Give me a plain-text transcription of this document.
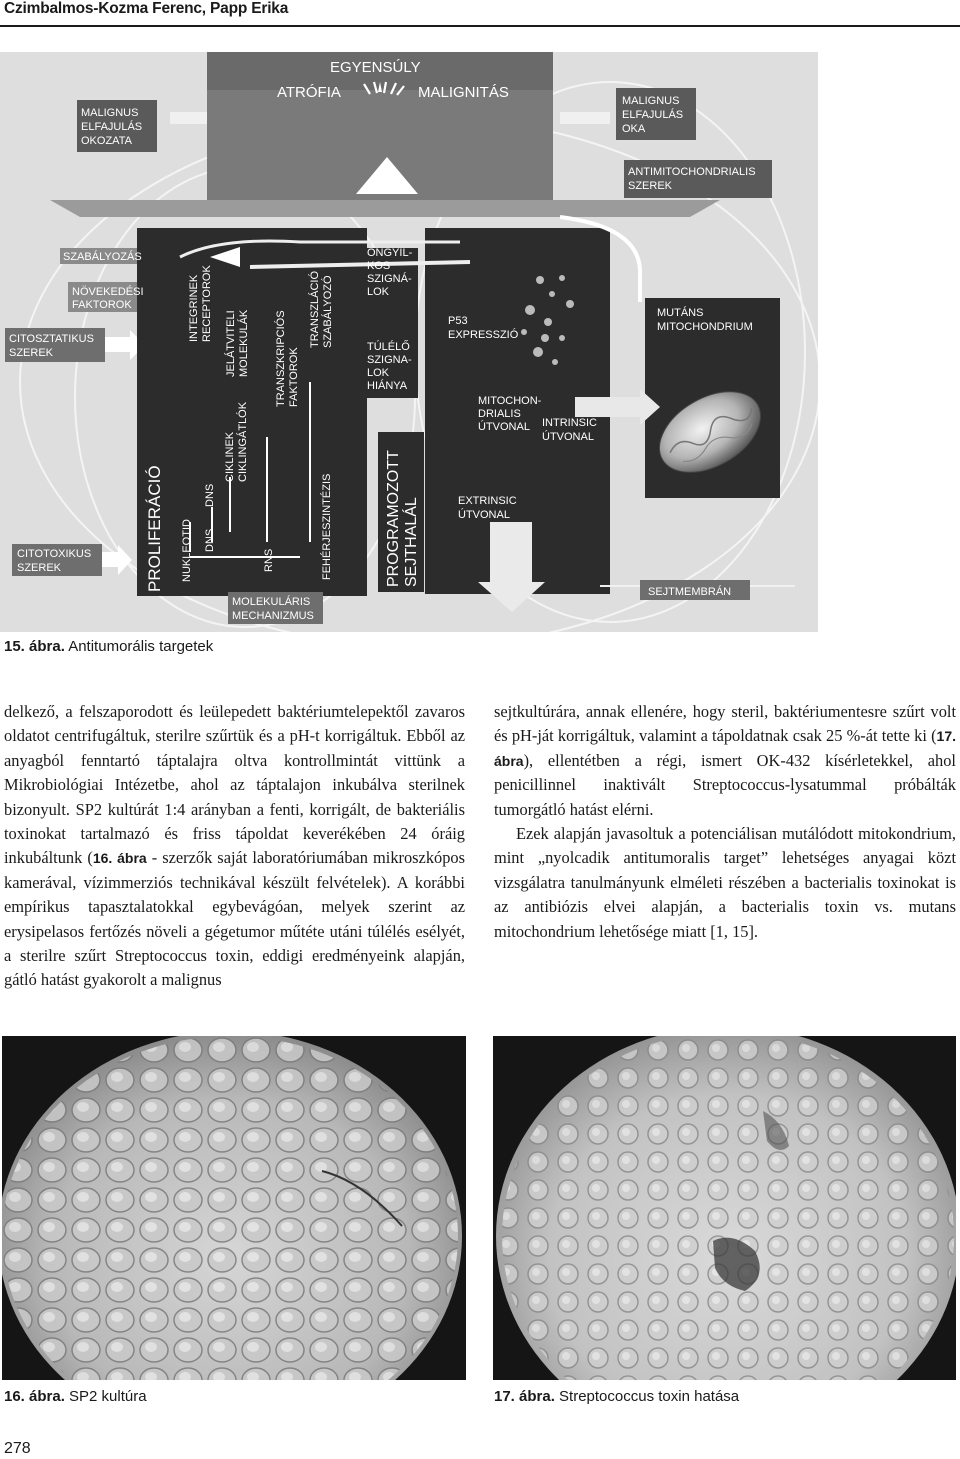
Czimbalmos-Kozma Ferenc, Papp Erika
EGYENSÚLY
ATRÓFIA	MALIGNITÁS
MALIGNUS
ELFAJULÁS
OKOZATA
MALIGNUS
ELFAJULÁS
OKA
ANTIMITOCHONDRIALIS
SZEREK
SZABÁLYOZÁS
NÖVEKEDÉSI
FAKTOROK
CITOSZTATIKUS
SZEREK
CITOTOXIKUS
SZEREK
ÖNGYIL-
KOS
SZIGNÁ-
LOK
TÚLÉLŐ
SZIGNA-
LOK
HIÁNYA
P53
EXPRESSZIÓ
MITOCHON-
DRIALIS
ÚTVONAL INTRINSIC
ÚTVONAL
EXTRINSIC
ÚTVONAL
MUTÁNS
MITOCHONDRIUM
MOLEKULÁRIS
MECHANIZMUS
SEJTMEMBRÁN
INTEGRINEK RECEPTOROK
JELÁTVITELI MOLEKULÁK
CIKLINEK CIKLINGÁTLÓK
TRANSZKRIPCIÓS FAKTOROK
TRANSZLÁCIÓ SZABÁLYOZÓ
NUKLEOTID DNS
DNS
RNS	FEHÉRJESZINTÉZIS
PROLIFERÁCIÓ	PROGRAMOZOTT SEJTHALÁL
15. ábra. Antitumorális targetek

delkező, a felszaporodott és leülepedett baktériumtelepektől zavaros oldatot centrifugáltuk, sterilre szűrtük és a pH-t korrigáltuk. Ebből az anyagból fenntartó táptalajra oltva kontrollmintát vittünk a Mikrobiológiai Intézetbe, ahol az táptalajon inkubálva sterilnek bizonyult. SP2 kultúrát 1:4 arányban a fenti, korrigált, de bakteriális toxinokat tartalmazó és friss tápoldat keverékében 24 óráig inkubáltunk (16. ábra - szerzők saját laboratóriumában mikroszkópos kamerával, vízimmerziós technikával készült felvételek). A korábbi empírikus tapasztalatokkal egybevágóan, melyek szerint az erysipelasos fertőzés növeli a gégetumor műtéte utáni túlélés esélyét, a sterilre szűrt Streptococcus toxin, eddigi eredményeink alapján, gátló hatást gyakorolt a malignus

sejtkultúrára, annak ellenére, hogy steril, baktériumentesre szűrt volt és pH-ját korrigáltuk, valamint a tápoldatnak csak 25 %-át tette ki (17. ábra), ellentétben a régi, ismert OK-432 kísérletekkel, ahol penicillinnel inaktivált Streptococcus-lysatummal próbálták tumorgátló hatást elérni.

Ezek alapján javasoltuk a potenciálisan mutálódott mitokondrium, mint „nyolcadik antitumoralis target” lehetséges anyagai közt vizsgálatra tanulmányunk elméleti részében a bacterialis toxinokat is az antibiózis elvei alapján, a bacterialis toxin vs. mutans mitochondrium lehetősége miatt [1, 15].

16. ábra. SP2 kultúra	17. ábra. Streptococcus toxin hatása
278
